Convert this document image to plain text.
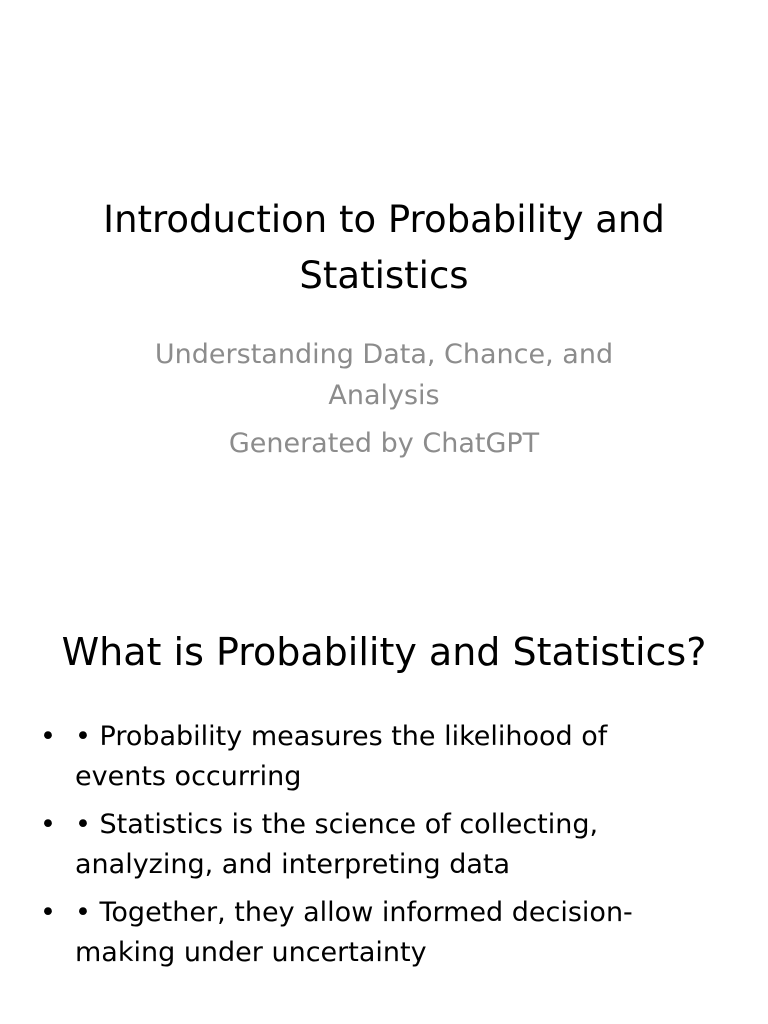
Introduction to Probability and Statistics

Understanding Data, Chance, and Analysis

Generated by ChatGPT

What is Probability and Statistics?
• • Probability measures the likelihood of events occurring
• • Statistics is the science of collecting, analyzing, and interpreting data
• • Together, they allow informed decision-making under uncertainty
